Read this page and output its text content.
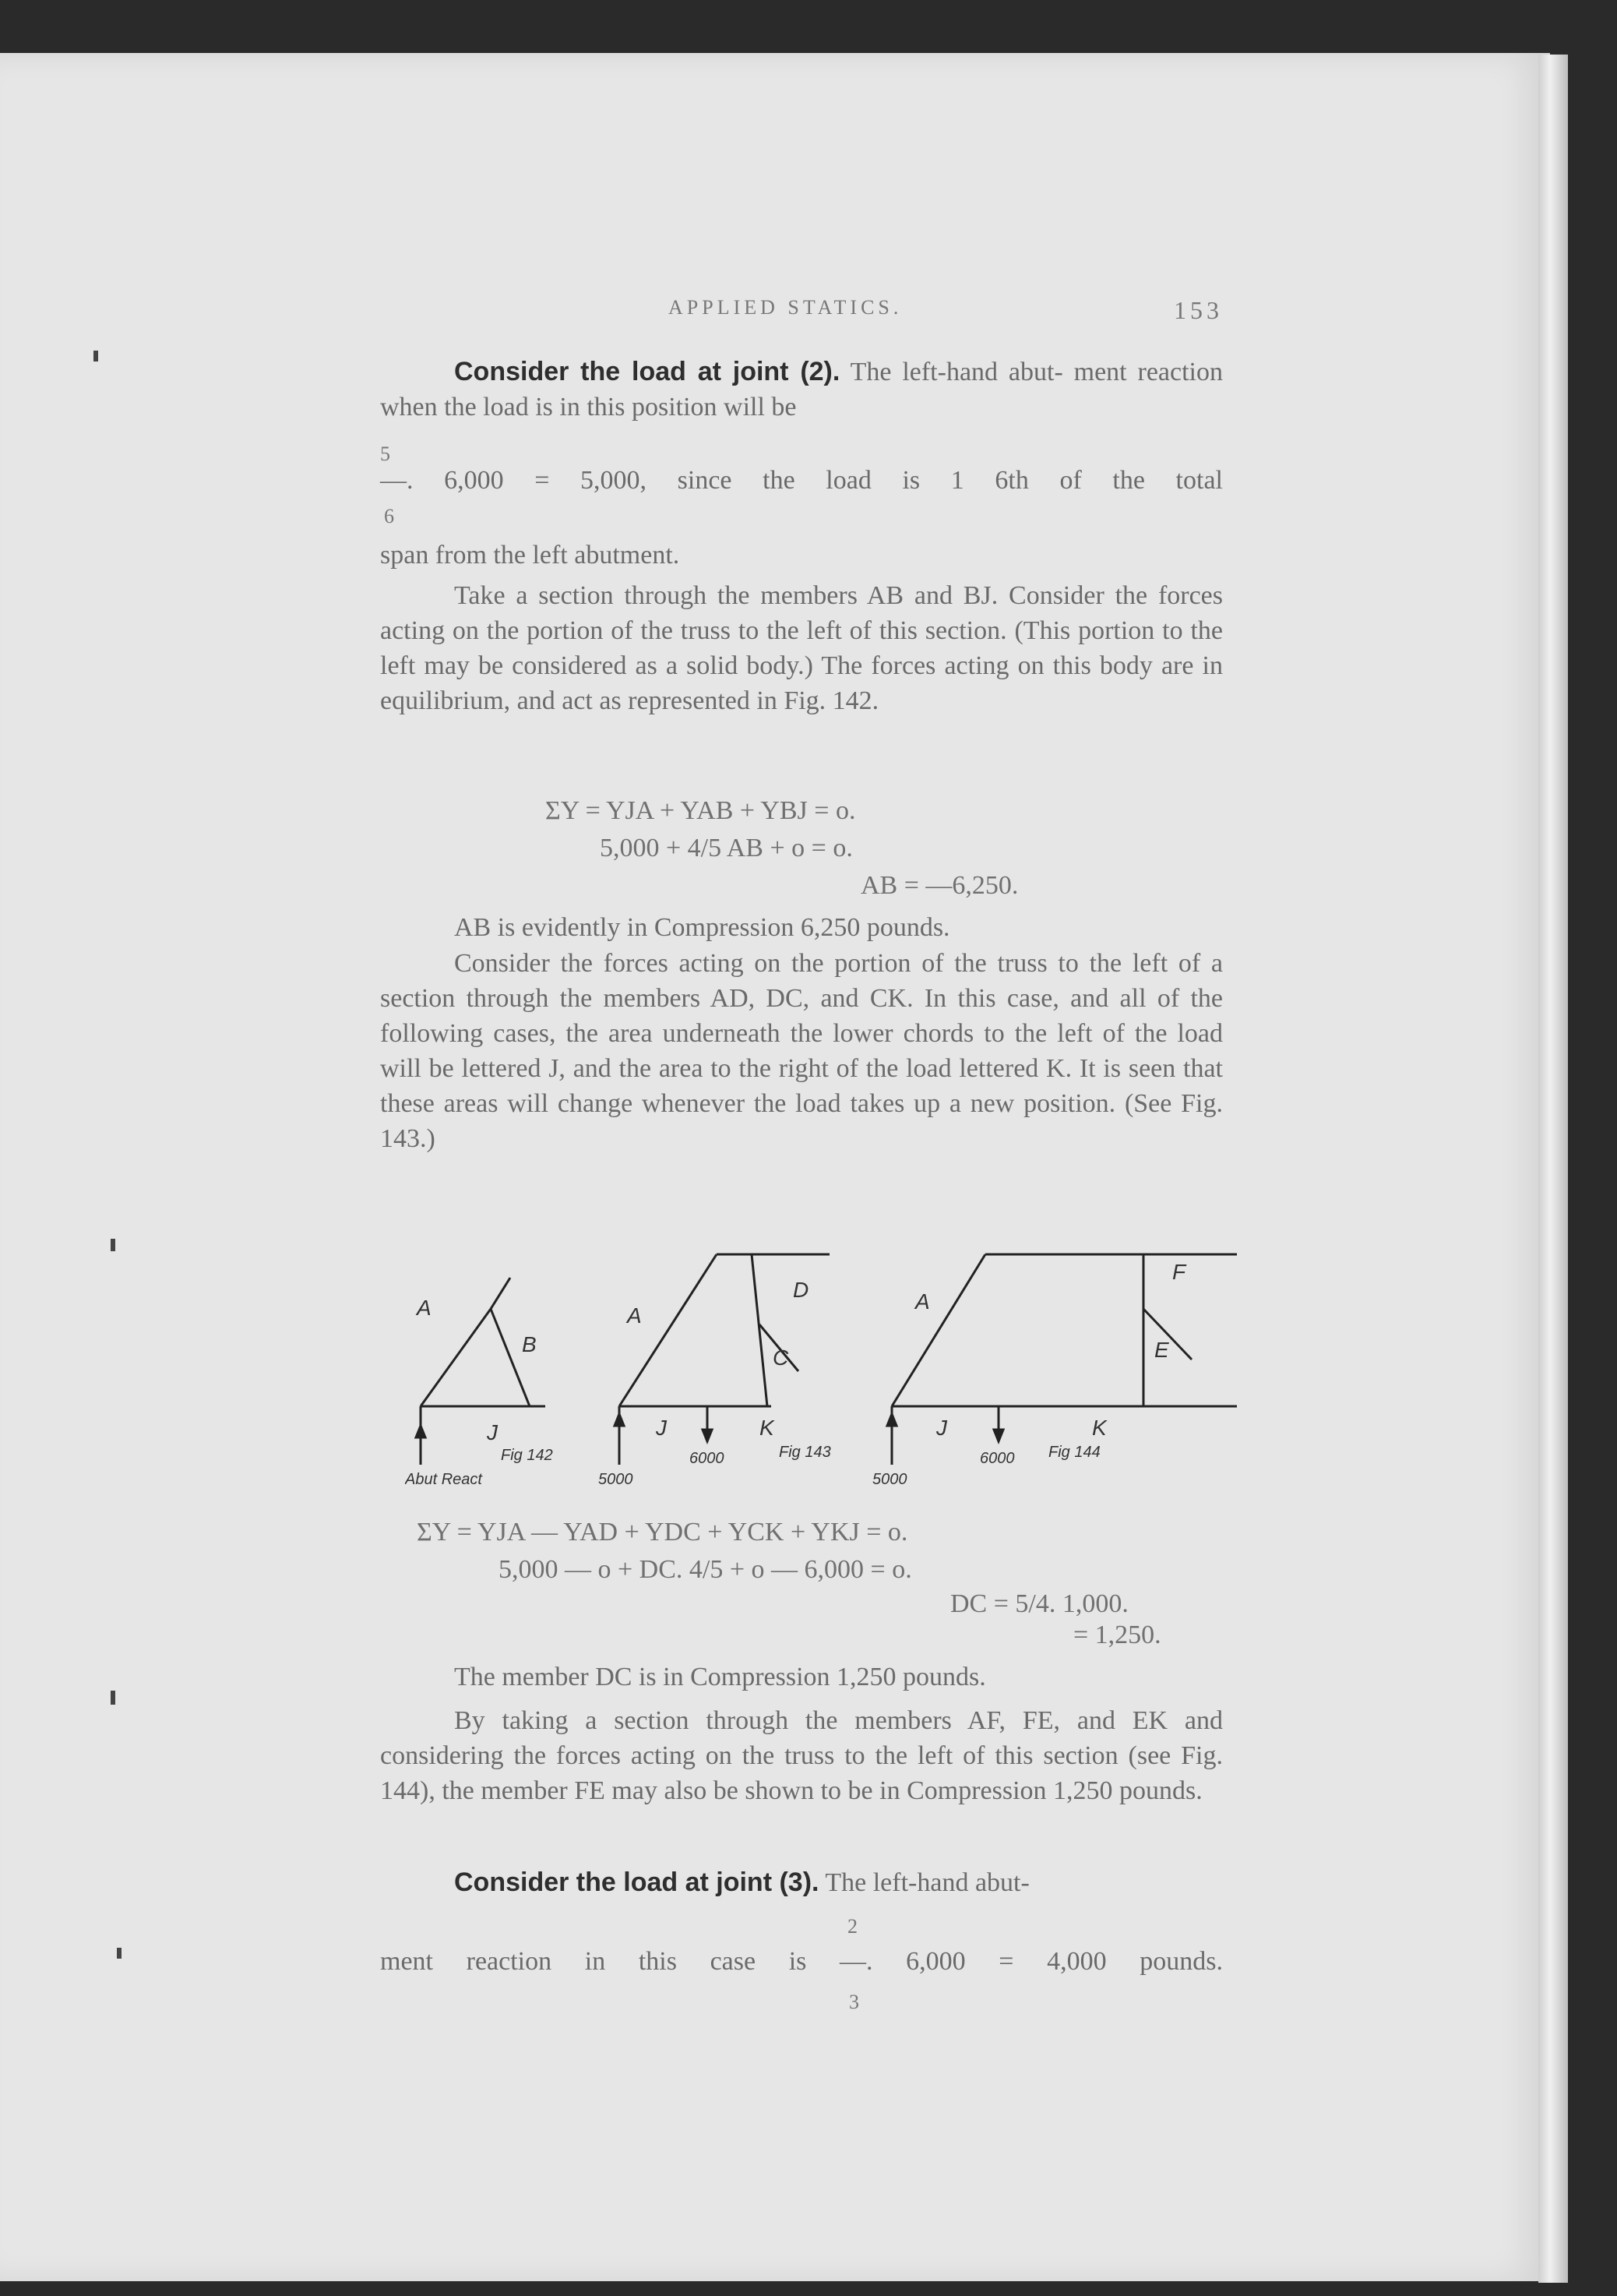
APPLIED STATICS.	153

Consider the load at joint (2). The left-hand abut- ment reaction when the load is in this position will be

5

—. 6,000 = 5,000, since the load is 1 6th of the total

6

span from the left abutment.

Take a section through the members AB and BJ. Consider the forces acting on the portion of the truss to the left of this section. (This portion to the left may be considered as a solid body.) The forces acting on this body are in equilibrium, and act as represented in Fig. 142.

ΣY = YJA + YAB + YBJ = o.
5,000 + 4/5 AB + o = o.
AB = —6,250.

AB is evidently in Compression 6,250 pounds.

Consider the forces acting on the portion of the truss to the left of a section through the members AD, DC, and CK. In this case, and all of the following cases, the area underneath the lower chords to the left of the load will be lettered J, and the area to the right of the load lettered K. It is seen that these areas will change whenever the load takes up a new position. (See Fig. 143.)

A
B
J
Fig 142
Abut React
A
D
C
J	K
6000	Fig 143
5000
A
F
E
J	K
6000 Fig 144
5000
ΣY = YJA — YAD + YDC + YCK + YKJ = o.
5,000 — o + DC. 4/5 + o — 6,000 = o.
DC = 5/4. 1,000.
= 1,250.

The member DC is in Compression 1,250 pounds.

By taking a section through the members AF, FE, and EK and considering the forces acting on the truss to the left of this section (see Fig. 144), the member FE may also be shown to be in Compression 1,250 pounds.

Consider the load at joint (3). The left-hand abut-

2

ment reaction in this case is —. 6,000 = 4,000 pounds.

3
